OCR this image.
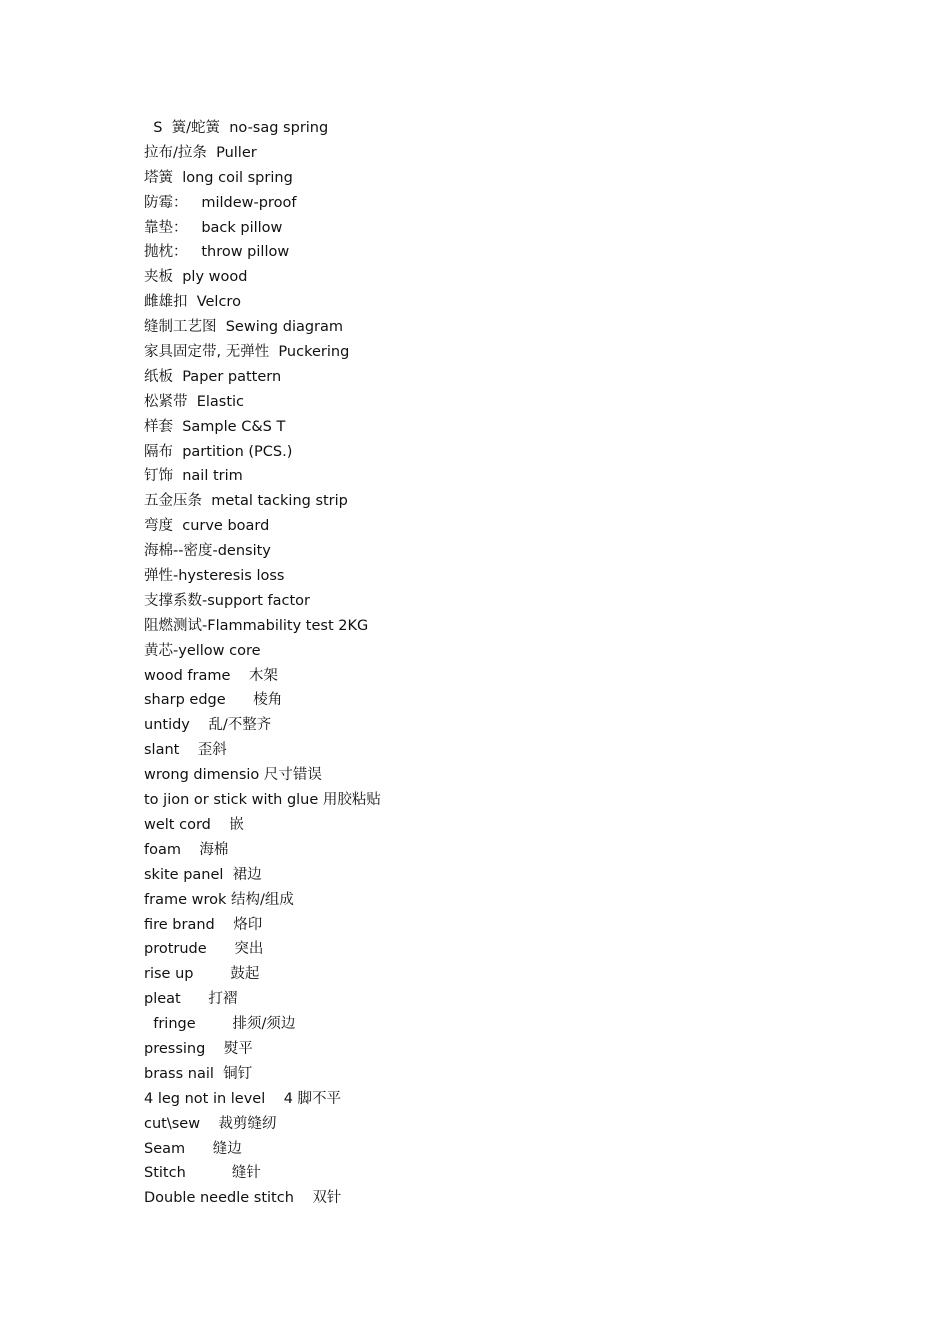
S  簧/蛇簧  no-sag spring
拉布/拉条  Puller
塔簧  long coil spring
防霉：   mildew-proof
靠垫：   back pillow
抛枕：   throw pillow
夹板  ply wood
雌雄扣  Velcro
缝制工艺图  Sewing diagram
家具固定带, 无弹性  Puckering
纸板  Paper pattern
松紧带  Elastic
样套  Sample C&S T
隔布  partition (PCS.)
钉饰  nail trim
五金压条  metal tacking strip
弯度  curve board
海棉--密度-density
弹性-hysteresis loss
支撑系数-support factor
阻燃测试-Flammability test 2KG
黄芯-yellow core
wood frame    木架
sharp edge      棱角
untidy    乱/不整齐
slant    歪斜
wrong dimensio 尺寸错误
to jion or stick with glue 用胶粘贴
welt cord    嵌
foam    海棉
skite panel  裙边
frame wrok 结构/组成
fire brand    烙印
protrude      突出
rise up        鼓起
pleat      打褶
fringe        排须/须边
pressing    熨平
brass nail  铜钉
4 leg not in level    4 脚不平
cut\sew    裁剪缝纫
Seam      缝边
Stitch          缝针
Double needle stitch    双针
